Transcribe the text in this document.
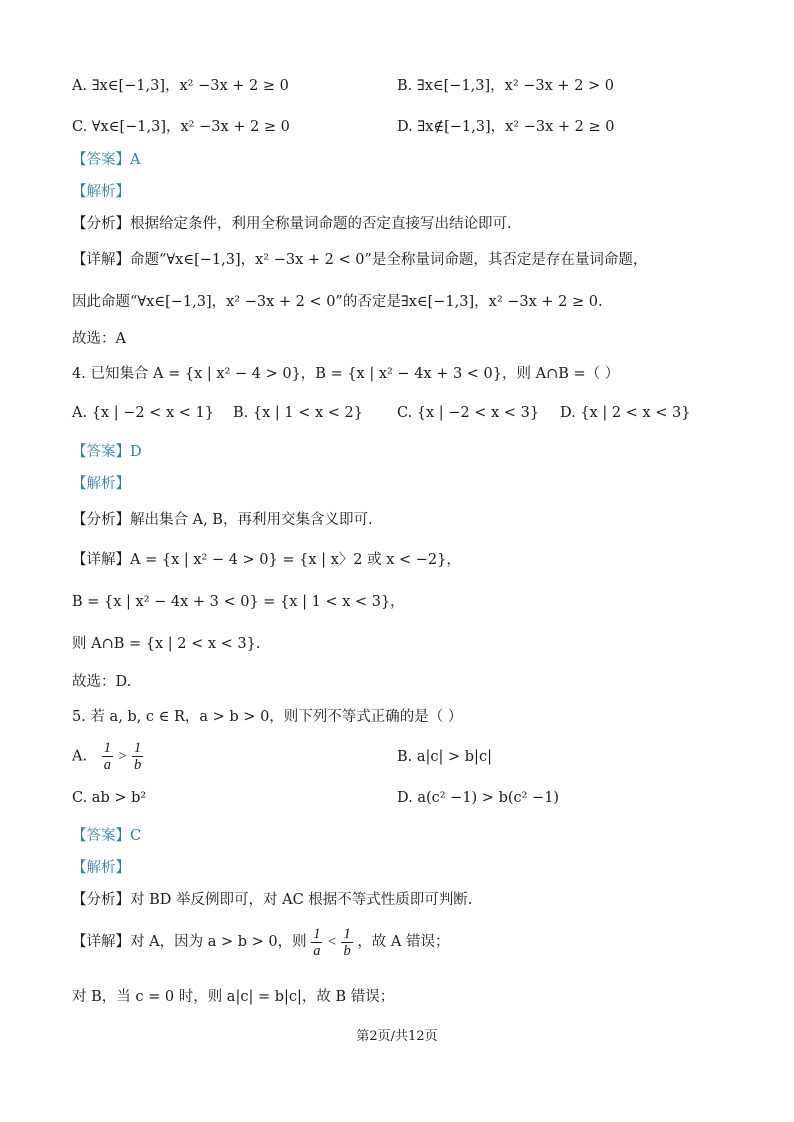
A. ∃x∈[−1,3]，x² −3x + 2 ≥ 0	B. ∃x∈[−1,3]，x² −3x + 2 > 0
C. ∀x∈[−1,3]，x² −3x + 2 ≥ 0	D. ∃x∉[−1,3]，x² −3x + 2 ≥ 0
【答案】A
【解析】
【分析】根据给定条件，利用全称量词命题的否定直接写出结论即可.
【详解】命题“∀x∈[−1,3]，x² −3x + 2 < 0”是全称量词命题，其否定是存在量词命题，
因此命题“∀x∈[−1,3]，x² −3x + 2 < 0”的否定是∃x∈[−1,3]，x² −3x + 2 ≥ 0.
故选：A
4. 已知集合 A = {x | x² − 4 > 0}，B = {x | x² − 4x + 3 < 0}，则 A∩B =（ ）
A. {x | −2 < x < 1} B. {x | 1 < x < 2} C. {x | −2 < x < 3} D. {x | 2 < x < 3}
【答案】D
【解析】
【分析】解出集合 A, B，再利用交集含义即可.
【详解】A = {x | x² − 4 > 0} = {x | x〉2 或 x < −2}，
B = {x | x² − 4x + 3 < 0} = {x | 1 < x < 3}，
则 A∩B = {x | 2 < x < 3}.
故选：D.
5. 若 a, b, c ∈ R，a > b > 0，则下列不等式正确的是（ ）
A. $\frac{1}{a} > \frac{1}{b}$	B. a|c| > b|c|
C. ab > b²	D. a(c² −1) > b(c² −1)
【答案】C
【解析】
【分析】对 BD 举反例即可，对 AC 根据不等式性质即可判断.
【详解】对 A，因为 a > b > 0，则 $\frac{1}{a} < \frac{1}{b}$ ，故 A 错误；
对 B，当 c = 0 时，则 a|c| = b|c|，故 B 错误；
第2页/共12页
